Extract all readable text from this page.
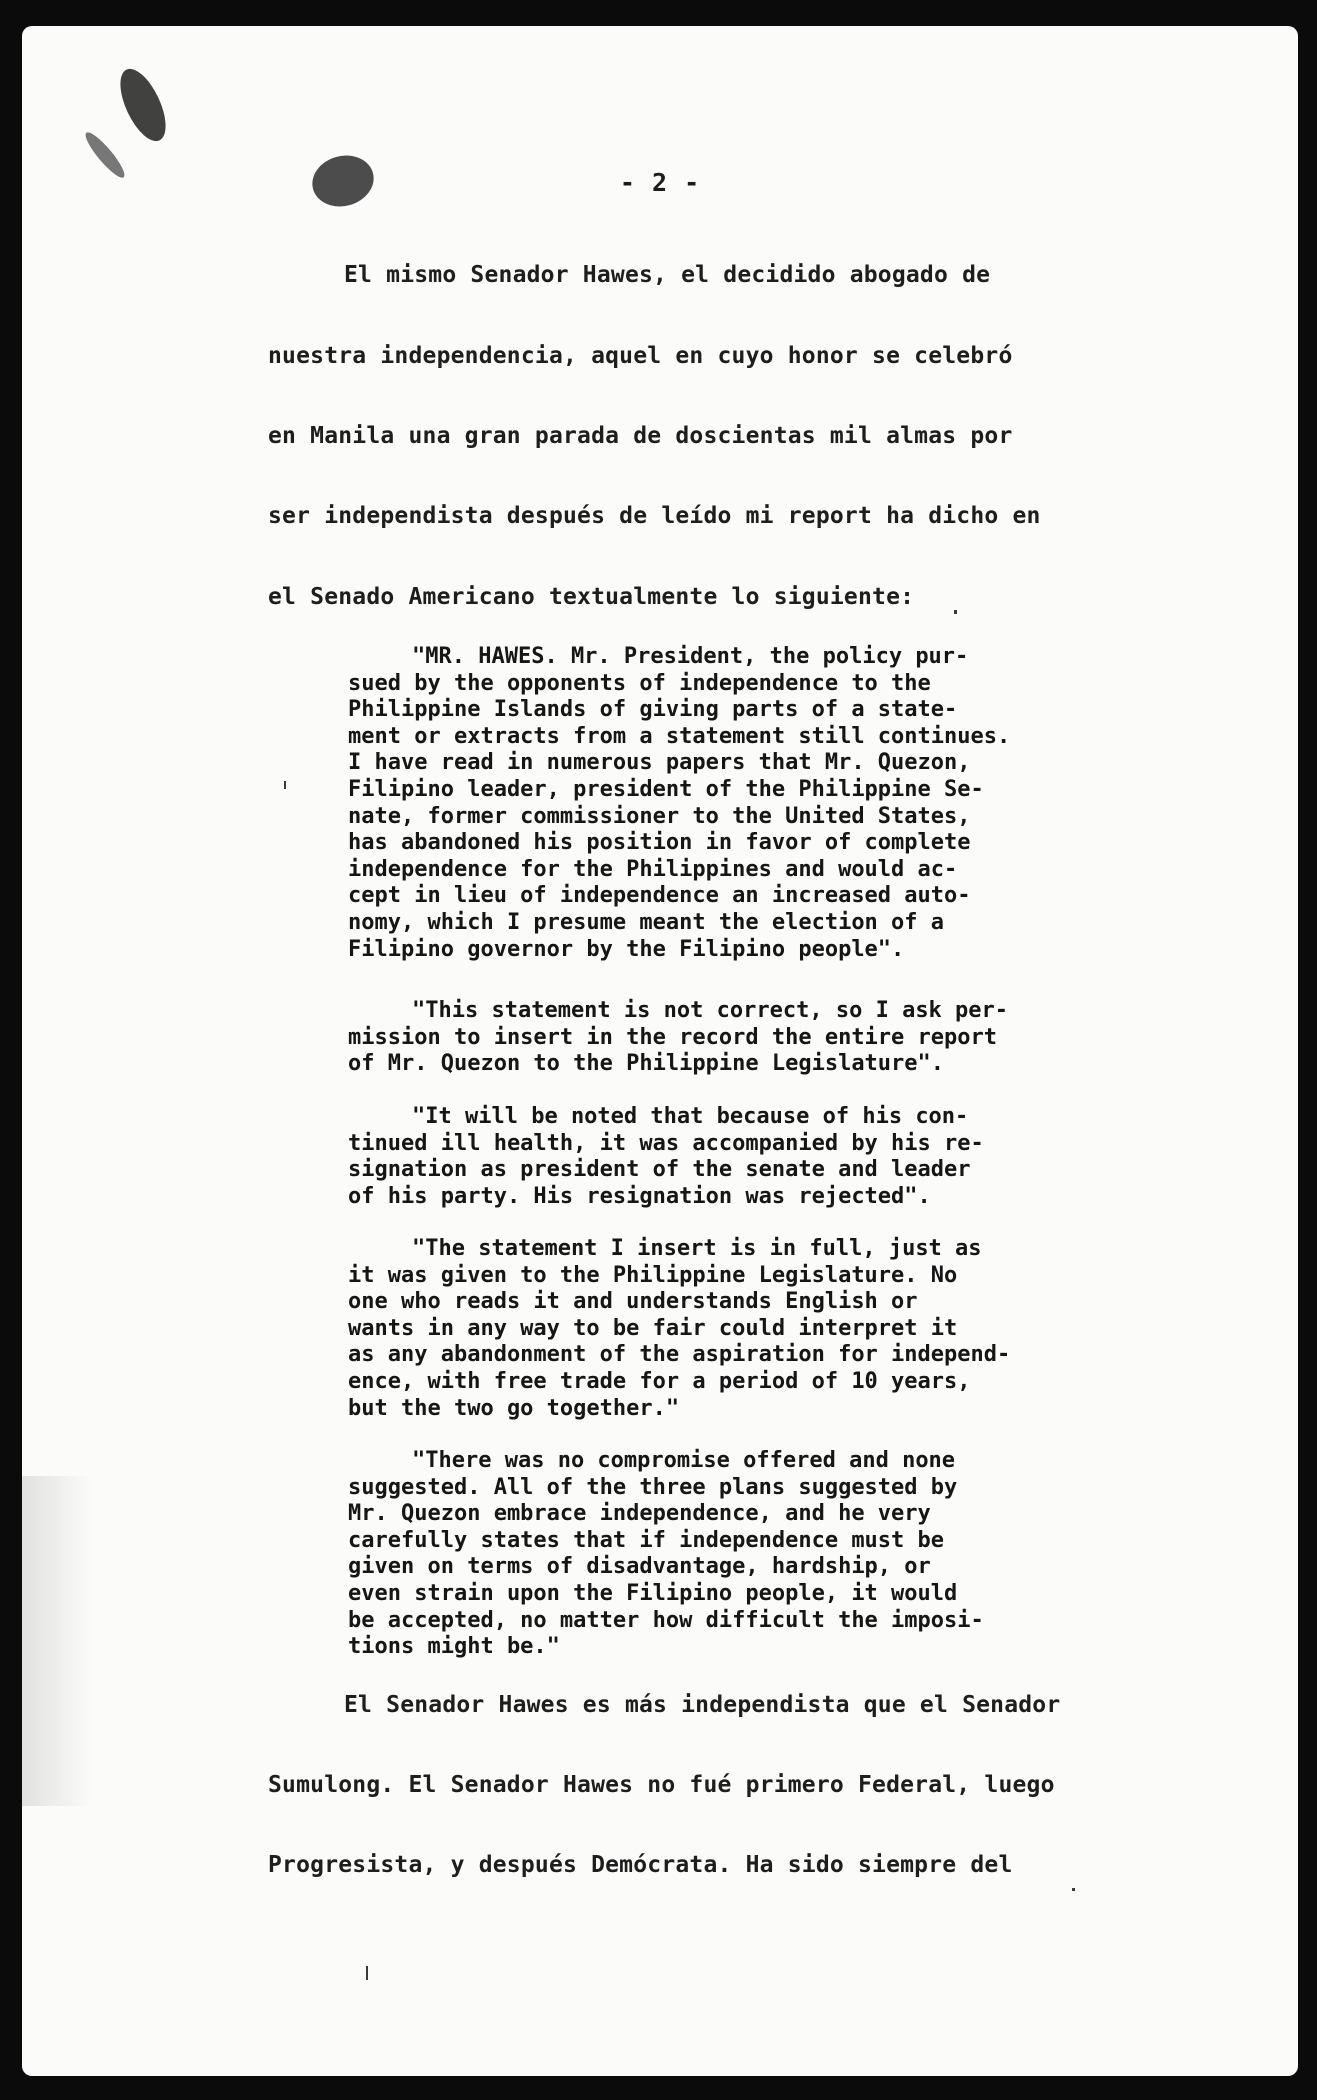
- 2 -
El mismo Senador Hawes, el decidido abogado de
nuestra independencia, aquel en cuyo honor se celebró
en Manila una gran parada de doscientas mil almas por
ser independista después de leído mi report ha dicho en
el Senado Americano textualmente lo siguiente:
"MR. HAWES. Mr. President, the policy pur-
sued by the opponents of independence to the
Philippine Islands of giving parts of a state-
ment or extracts from a statement still continues.
I have read in numerous papers that Mr. Quezon,
Filipino leader, president of the Philippine Se-
nate, former commissioner to the United States,
has abandoned his position in favor of complete
independence for the Philippines and would ac-
cept in lieu of independence an increased auto-
nomy, which I presume meant the election of a
Filipino governor by the Filipino people".
"This statement is not correct, so I ask per-
mission to insert in the record the entire report
of Mr. Quezon to the Philippine Legislature".
"It will be noted that because of his con-
tinued ill health, it was accompanied by his re-
signation as president of the senate and leader
of his party. His resignation was rejected".
"The statement I insert is in full, just as
it was given to the Philippine Legislature. No
one who reads it and understands English or
wants in any way to be fair could interpret it
as any abandonment of the aspiration for independ-
ence, with free trade for a period of 10 years,
but the two go together."
"There was no compromise offered and none
suggested. All of the three plans suggested by
Mr. Quezon embrace independence, and he very
carefully states that if independence must be
given on terms of disadvantage, hardship, or
even strain upon the Filipino people, it would
be accepted, no matter how difficult the imposi-
tions might be."
El Senador Hawes es más independista que el Senador
Sumulong. El Senador Hawes no fué primero Federal, luego
Progresista, y después Demócrata. Ha sido siempre del
